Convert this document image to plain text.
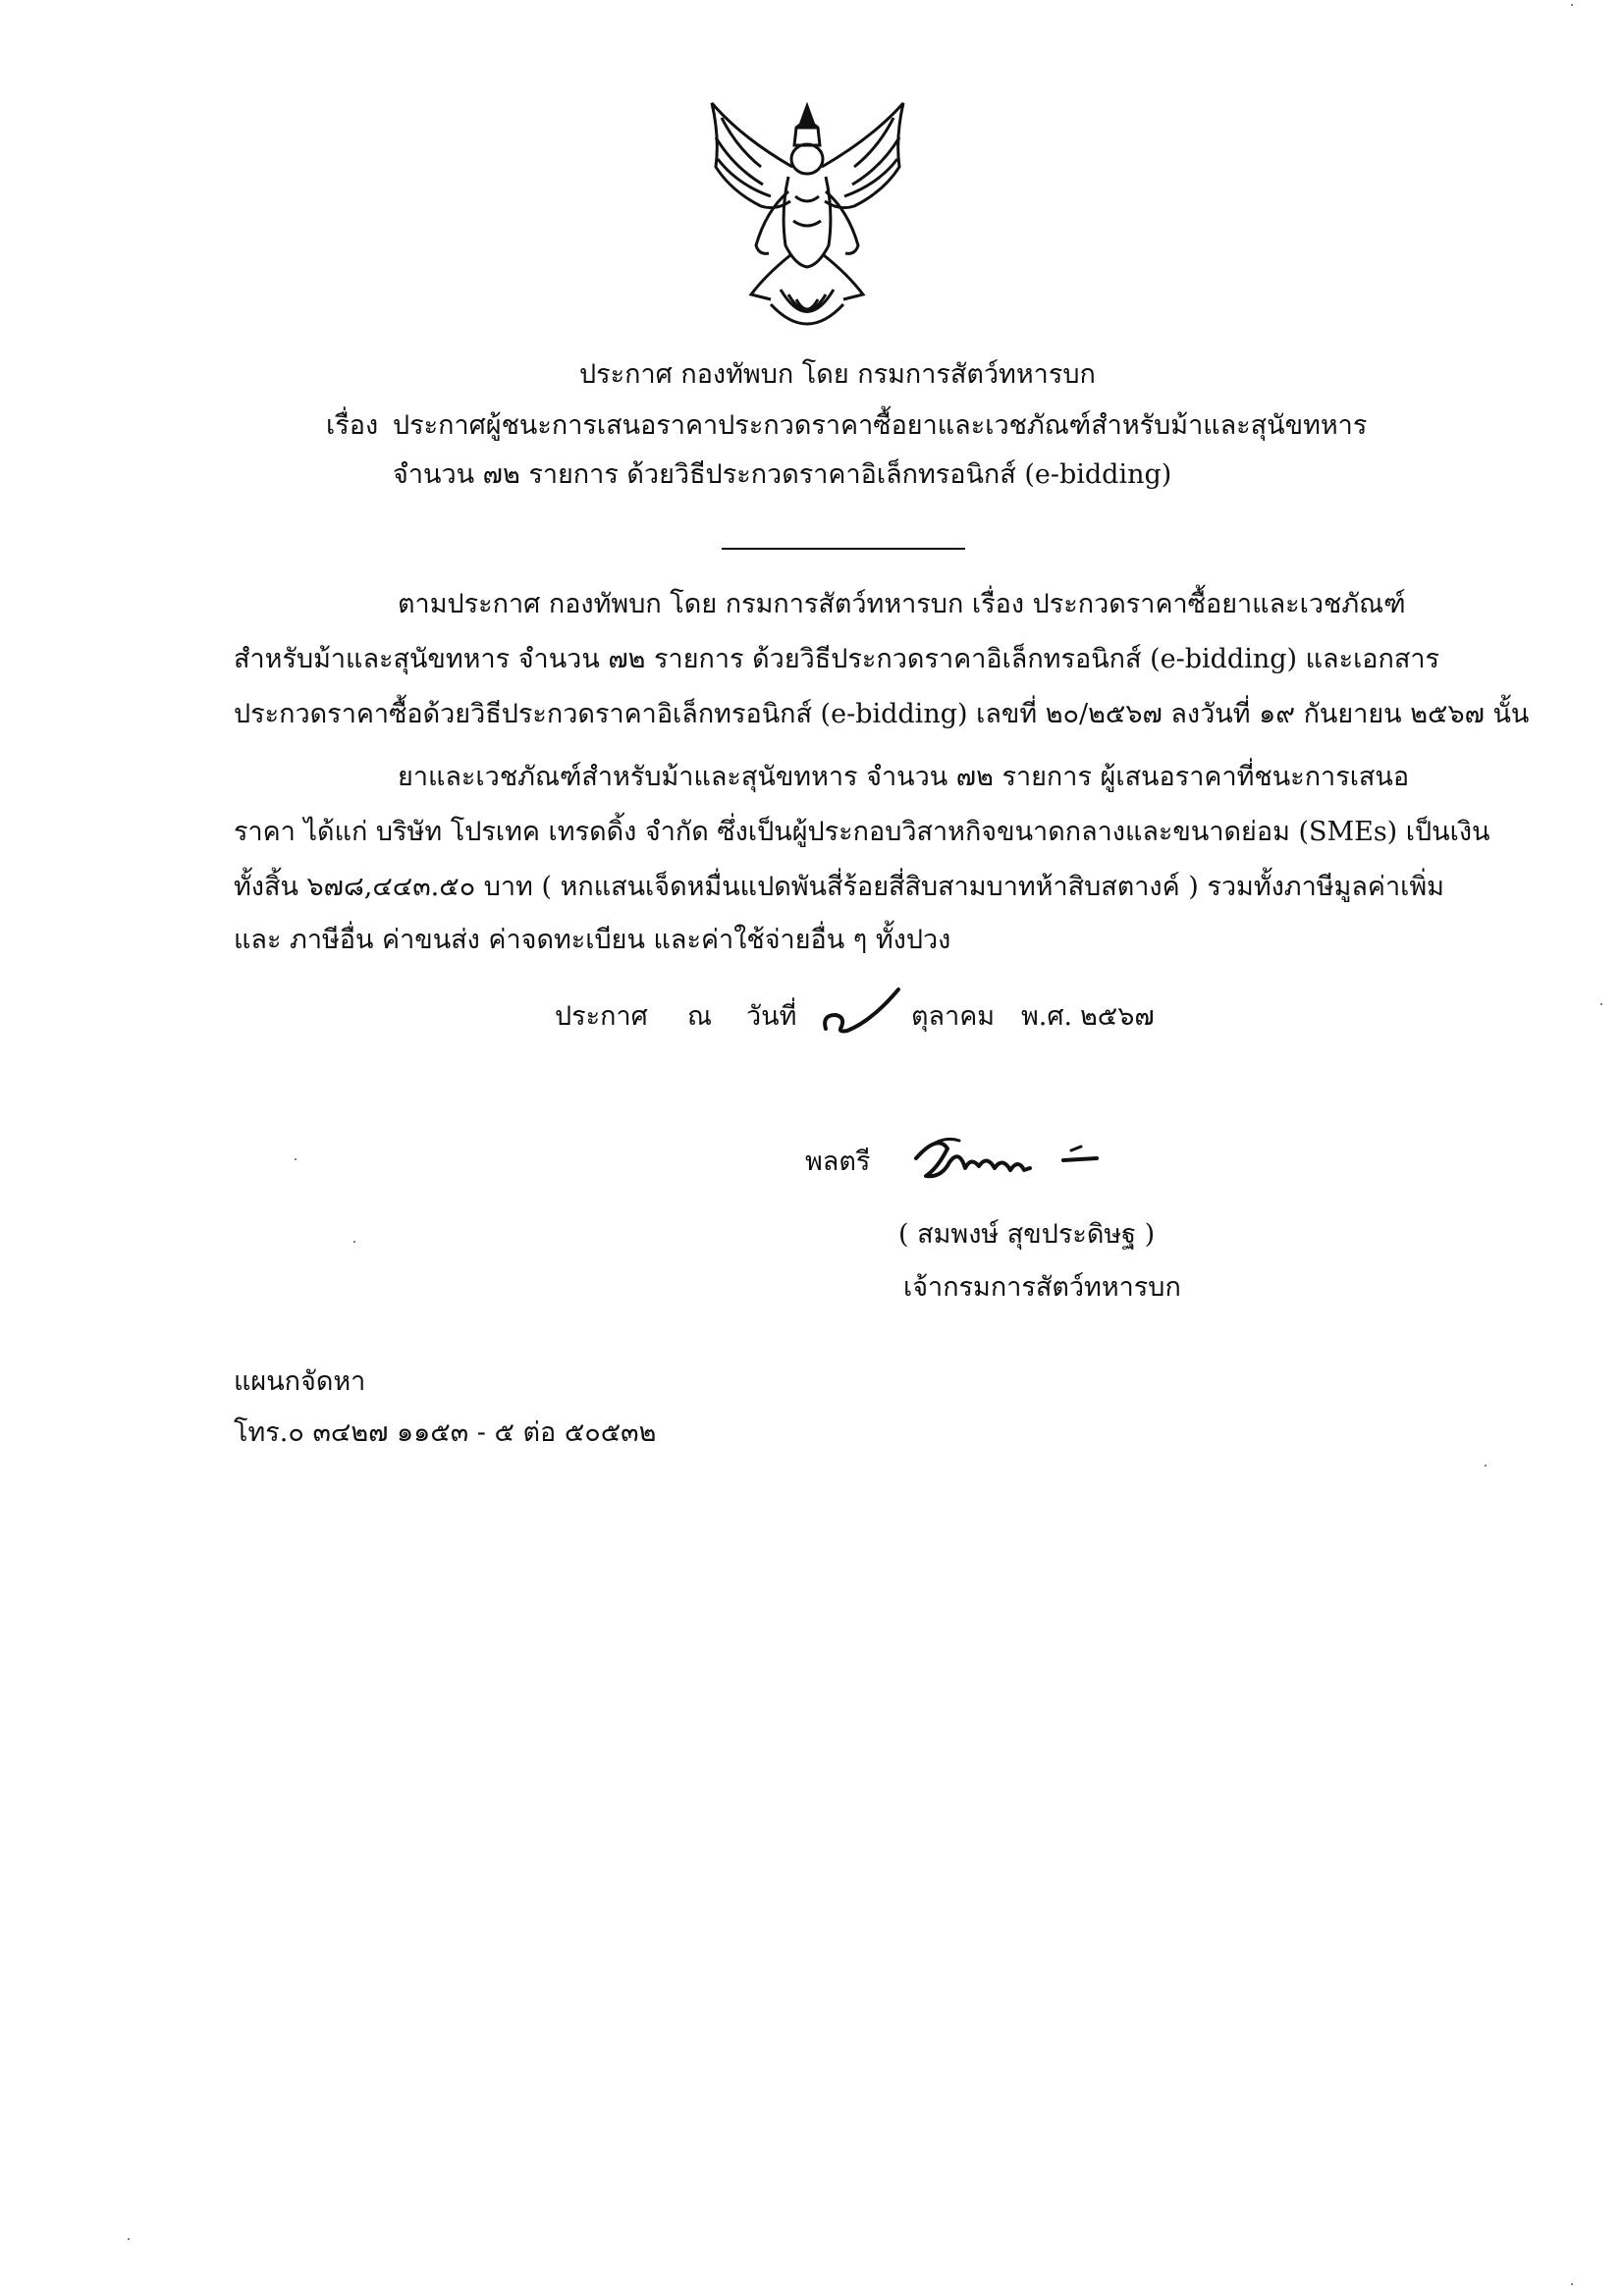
ประกาศ กองทัพบก โดย กรมการสัตว์ทหารบก
เรื่อง ประกาศผู้ชนะการเสนอราคาประกวดราคาซื้อยาและเวชภัณฑ์สำหรับม้าและสุนัขทหาร
จำนวน ๗๒ รายการ ด้วยวิธีประกวดราคาอิเล็กทรอนิกส์ (e-bidding)
ตามประกาศ กองทัพบก โดย กรมการสัตว์ทหารบก เรื่อง ประกวดราคาซื้อยาและเวชภัณฑ์
สำหรับม้าและสุนัขทหาร จำนวน ๗๒ รายการ ด้วยวิธีประกวดราคาอิเล็กทรอนิกส์ (e-bidding) และเอกสาร
ประกวดราคาซื้อด้วยวิธีประกวดราคาอิเล็กทรอนิกส์ (e-bidding) เลขที่ ๒๐/๒๕๖๗ ลงวันที่ ๑๙ กันยายน ๒๕๖๗ นั้น
ยาและเวชภัณฑ์สำหรับม้าและสุนัขทหาร จำนวน ๗๒ รายการ ผู้เสนอราคาที่ชนะการเสนอ
ราคา ได้แก่ บริษัท โปรเทค เทรดดิ้ง จำกัด ซึ่งเป็นผู้ประกอบวิสาหกิจขนาดกลางและขนาดย่อม (SMEs) เป็นเงิน
ทั้งสิ้น ๖๗๘,๔๔๓.๕๐ บาท ( หกแสนเจ็ดหมื่นแปดพันสี่ร้อยสี่สิบสามบาทห้าสิบสตางค์ ) รวมทั้งภาษีมูลค่าเพิ่ม
และ ภาษีอื่น ค่าขนส่ง ค่าจดทะเบียน และค่าใช้จ่ายอื่น ๆ ทั้งปวง
ประกาศ ณ วันที่	ตุลาคม พ.ศ. ๒๕๖๗
พลตรี
( สมพงษ์ สุขประดิษฐ )
เจ้ากรมการสัตว์ทหารบก
แผนกจัดหา
โทร.๐ ๓๔๒๗ ๑๑๕๓ - ๕ ต่อ ๕๐๕๓๒
